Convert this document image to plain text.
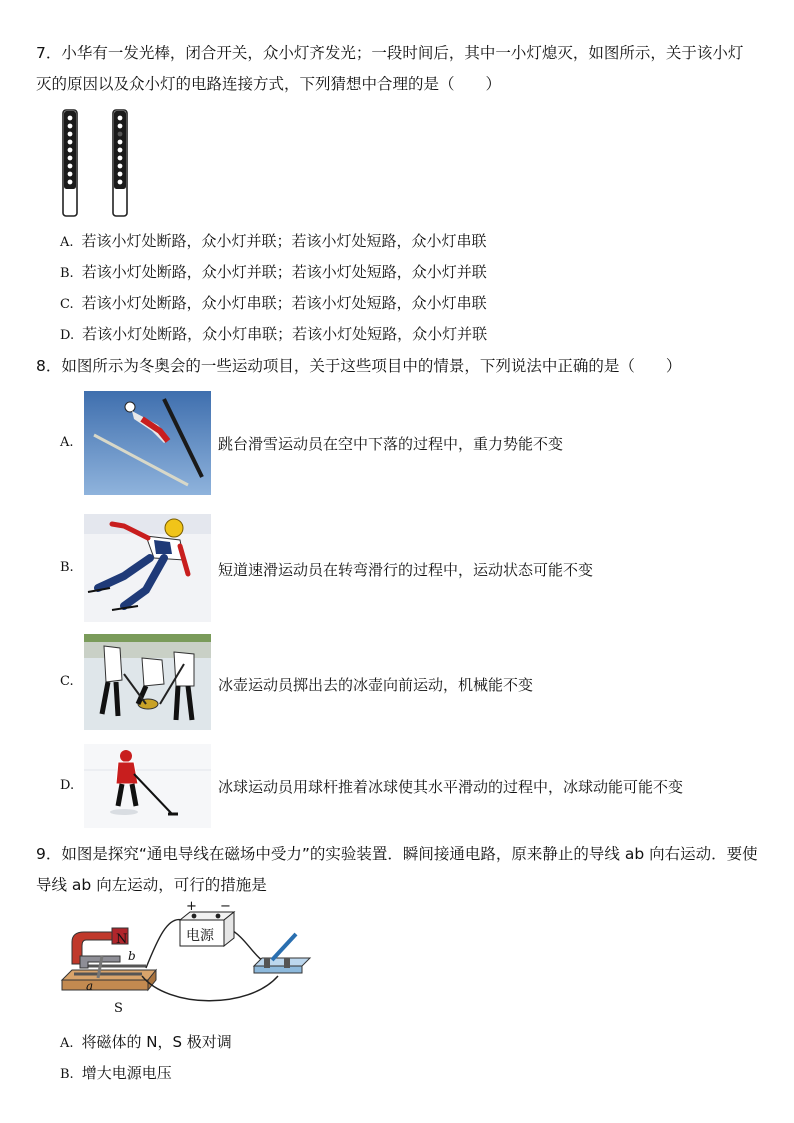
7．小华有一发光棒，闭合开关，众小灯齐发光；一段时间后，其中一小灯熄灭，如图所示，关于该小灯灭的原因以及众小灯的电路连接方式，下列猜想中合理的是（　　）
A. 若该小灯处断路，众小灯并联；若该小灯处短路，众小灯串联
B. 若该小灯处断路，众小灯并联；若该小灯处短路，众小灯并联
C. 若该小灯处断路，众小灯串联；若该小灯处短路，众小灯串联
D. 若该小灯处断路，众小灯串联；若该小灯处短路，众小灯并联
8．如图所示为冬奥会的一些运动项目，关于这些项目中的情景，下列说法中正确的是（　　）
A.	跳台滑雪运动员在空中下落的过程中，重力势能不变
B.	短道速滑运动员在转弯滑行的过程中，运动状态可能不变
C.	冰壶运动员掷出去的冰壶向前运动，机械能不变
D.	冰球运动员用球杆推着冰球使其水平滑动的过程中，冰球动能可能不变
9．如图是探究“通电导线在磁场中受力”的实验装置．瞬间接通电路，原来静止的导线 ab 向右运动．要使导线 ab 向左运动，可行的措施是
+ −
电源
N
S
a
b
A. 将磁体的 N，S 极对调
B. 增大电源电压
